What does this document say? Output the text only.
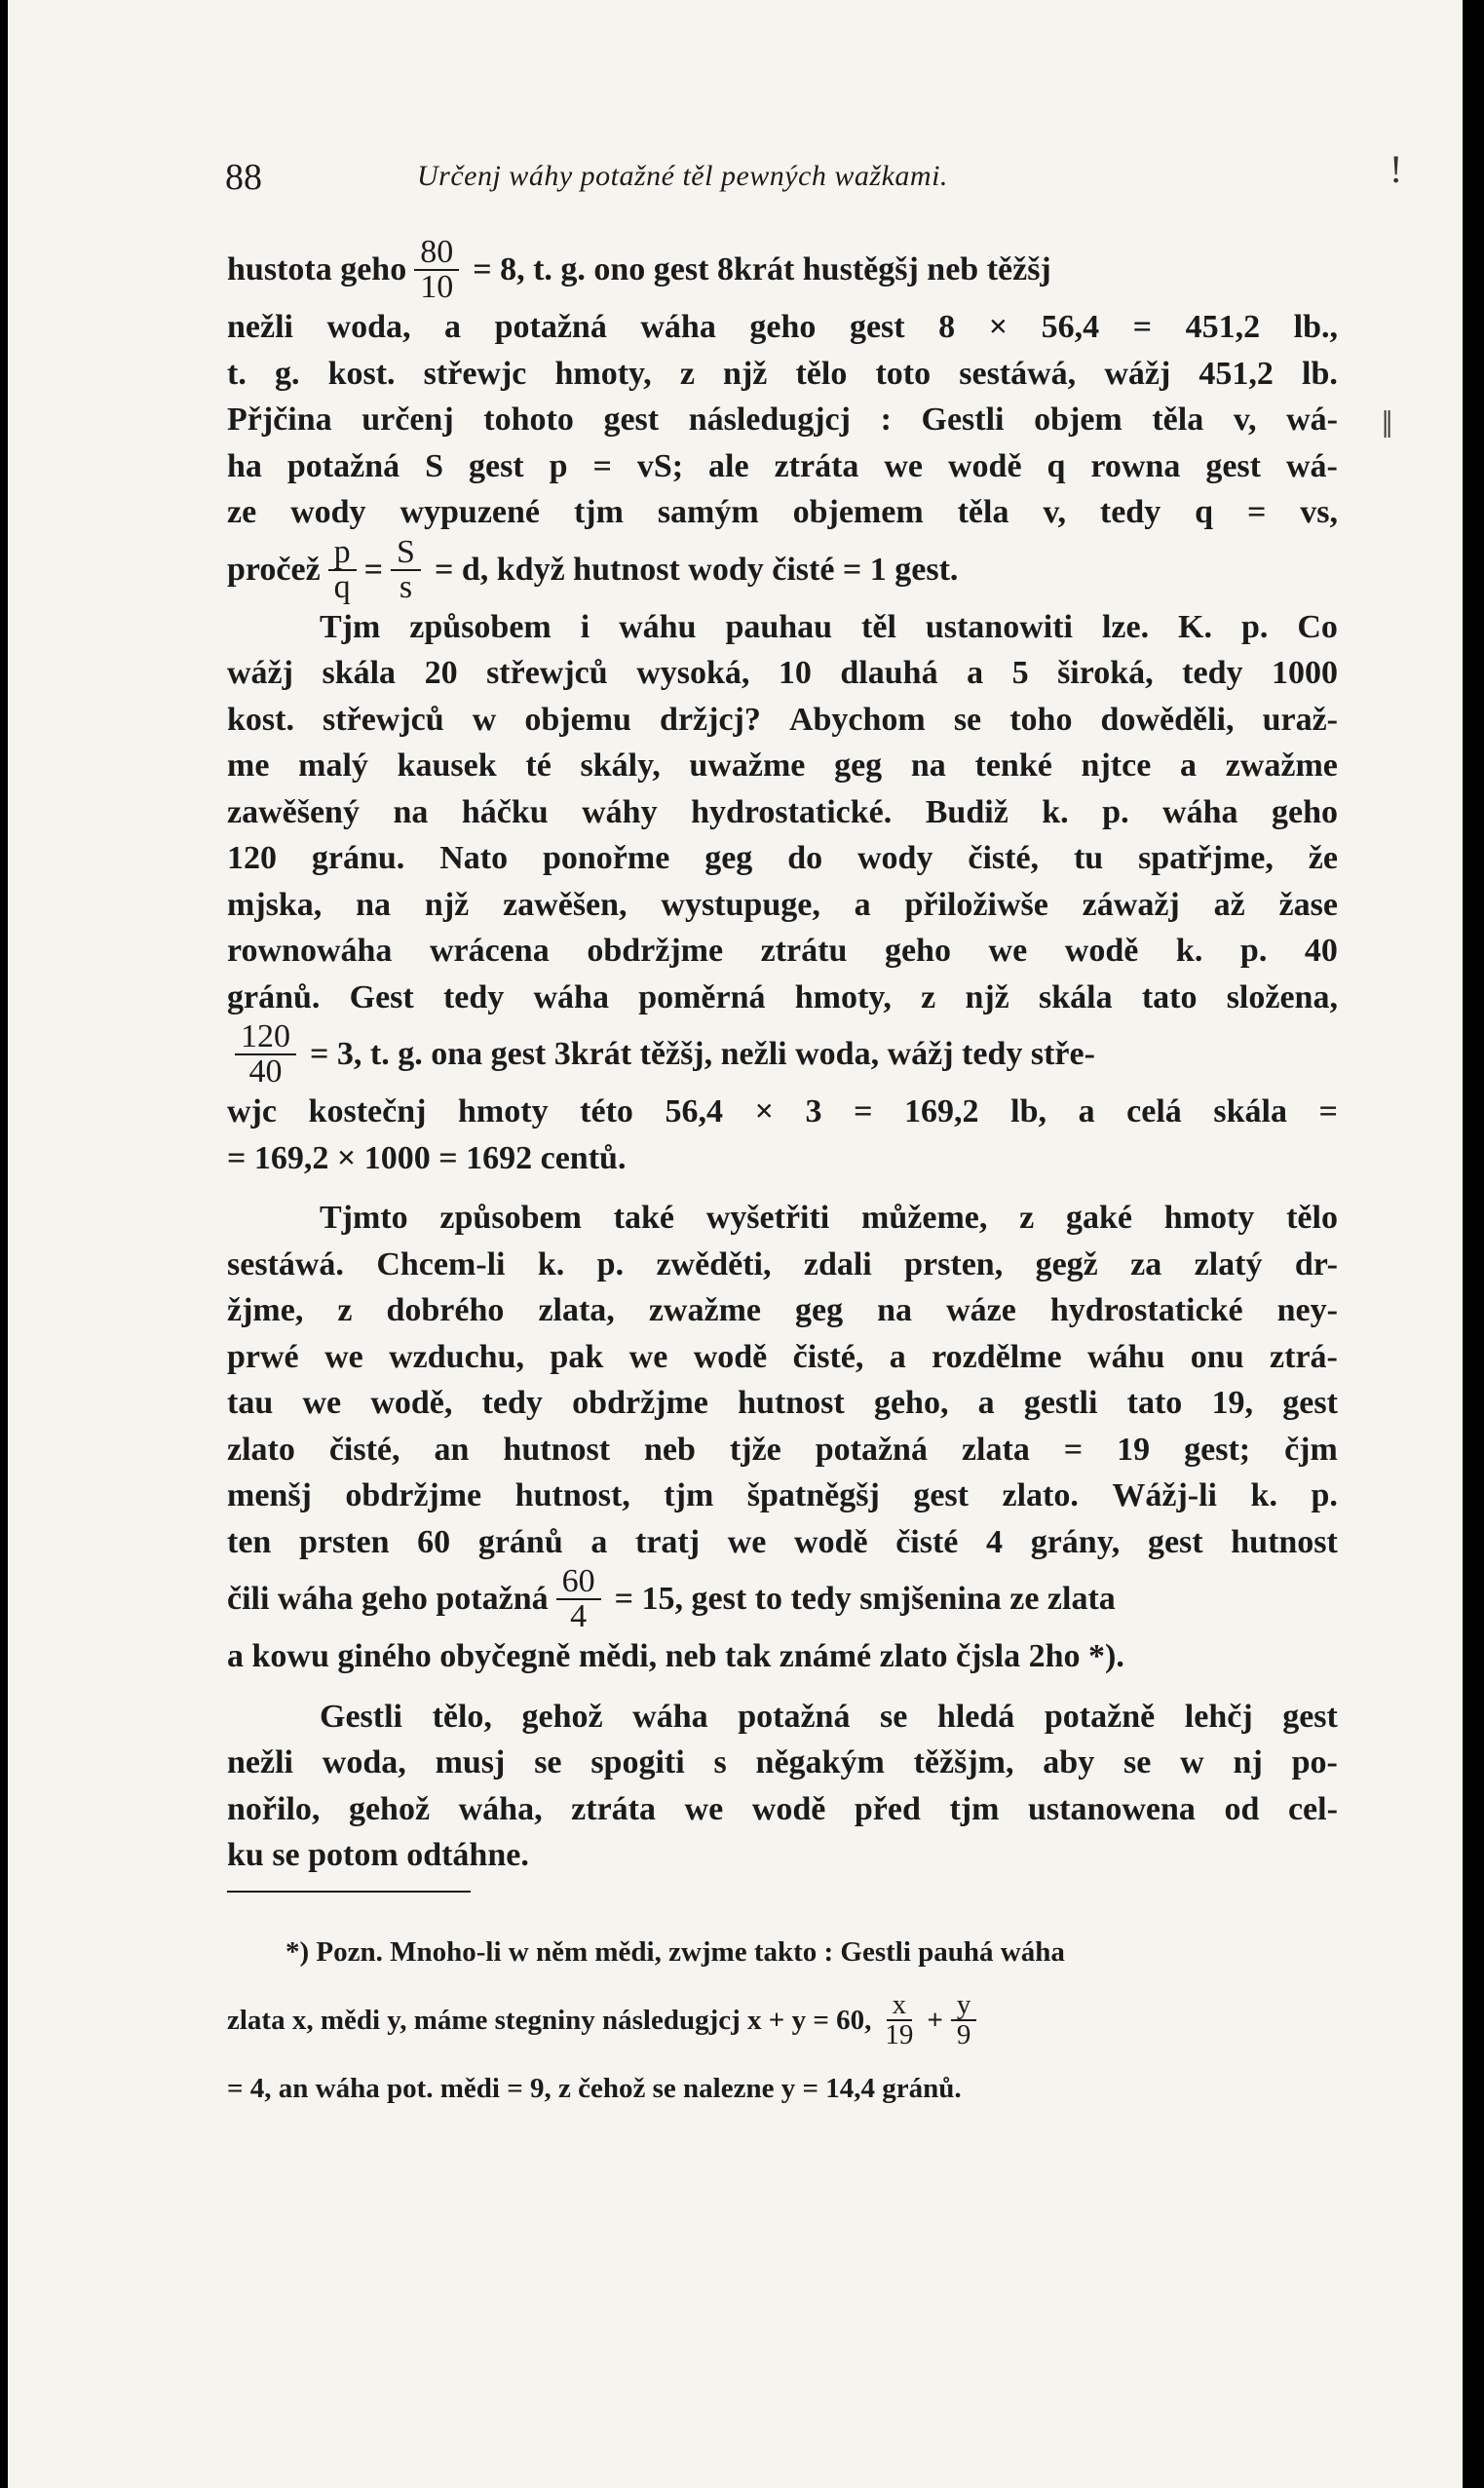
!
ǁ
88	Určenj wáhy potažné těl pewných wažkami.
hustota geho $\frac{80}{10} = 8$, t. g. ono gest 8krát hustěgšj neb těžšj
nežli woda, a potažná wáha geho gest 8 × 56,4 = 451,2 lb.,
t. g. kost. střewjc hmoty, z njž tělo toto sestáwá, wážj 451,2 lb.
Přjčina určenj tohoto gest následugjcj : Gestli objem těla v, wá-
ha potažná S gest p = vS; ale ztráta we wodě q rowna gest wá-
ze wody wypuzené tjm samým objemem těla v, tedy q = vs,
pročež $\frac{p}{q} = \frac{S}{s} = d$, když hutnost wody čisté = 1 gest.
Tjm způsobem i wáhu pauhau těl ustanowiti lze. K. p. Co
wážj skála 20 střewjců wysoká, 10 dlauhá a 5 široká, tedy 1000
kost. střewjců w objemu držjcj? Abychom se toho dowěděli, uraž-
me malý kausek té skály, uwažme geg na tenké njtce a zwažme
zawěšený na háčku wáhy hydrostatické. Budiž k. p. wáha geho
120 gránu. Nato ponořme geg do wody čisté, tu spatřjme, že
mjska, na njž zawěšen, wystupuge, a přiložiwše záwažj až žase
rownowáha wrácena obdržjme ztrátu geho we wodě k. p. 40
gránů. Gest tedy wáha poměrná hmoty, z njž skála tato složena,
$\frac{120}{40} = 3$, t. g. ona gest 3krát těžšj, nežli woda, wážj tedy stře-
wjc kostečnj hmoty této 56,4 × 3 = 169,2 lb, a celá skála =
= 169,2 × 1000 = 1692 centů.
Tjmto způsobem také wyšetřiti můžeme, z gaké hmoty tělo
sestáwá. Chcem-li k. p. zwěděti, zdali prsten, gegž za zlatý dr-
žjme, z dobrého zlata, zwažme geg na wáze hydrostatické ney-
prwé we wzduchu, pak we wodě čisté, a rozdělme wáhu onu ztrá-
tau we wodě, tedy obdržjme hutnost geho, a gestli tato 19, gest
zlato čisté, an hutnost neb tjže potažná zlata = 19 gest; čjm
menšj obdržjme hutnost, tjm špatněgšj gest zlato. Wážj-li k. p.
ten prsten 60 gránů a tratj we wodě čisté 4 grány, gest hutnost
čili wáha geho potažná $\frac{60}{4} = 15$, gest to tedy smjšenina ze zlata
a kowu giného obyčegně mědi, neb tak známé zlato čjsla 2ho *).
Gestli tělo, gehož wáha potažná se hledá potažně lehčj gest
nežli woda, musj se spogiti s něgakým těžšjm, aby se w nj po-
nořilo, gehož wáha, ztráta we wodě před tjm ustanowena od cel-
ku se potom odtáhne.
*) Pozn. Mnoho-li w něm mědi, zwjme takto : Gestli pauhá wáha
zlata x, mědi y, máme stegniny následugjcj x + y = 60, $\frac{x}{19} + \frac{y}{9}$
= 4, an wáha pot. mědi = 9, z čehož se nalezne y = 14,4 gránů.
